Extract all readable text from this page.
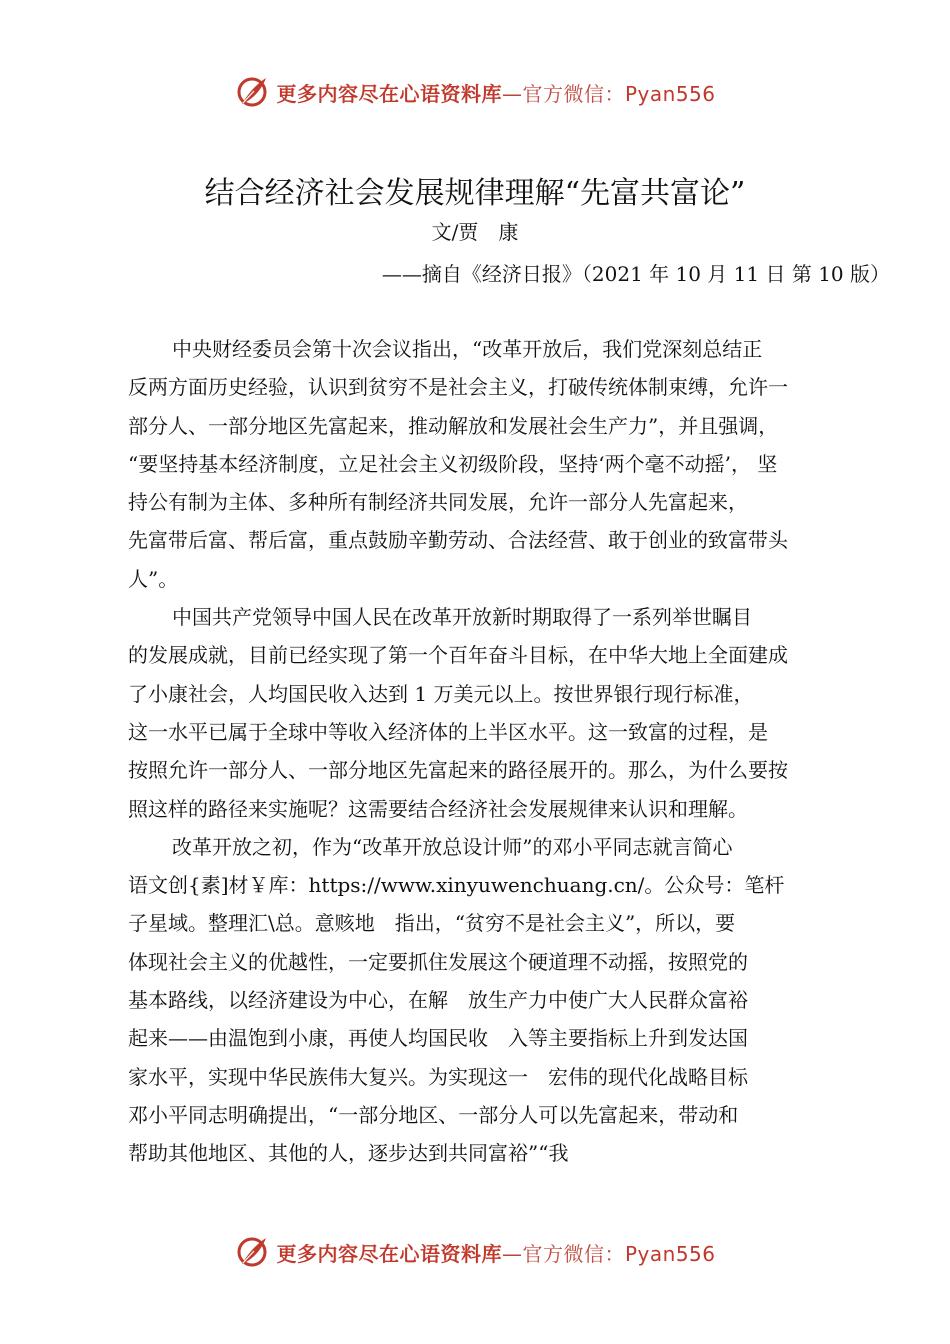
更多内容尽在心语资料库—官方微信：Pyan556
结合经济社会发展规律理解“先富共富论”
文/贾　康
——摘自《经济日报》（2021 年 10 月 11 日 第 10 版）
中央财经委员会第十次会议指出，“改革开放后，我们党深刻总结正
反两方面历史经验，认识到贫穷不是社会主义，打破传统体制束缚，允许一
部分人、一部分地区先富起来，推动解放和发展社会生产力”，并且强调，
“要坚持基本经济制度，立足社会主义初级阶段，坚持‘两个毫不动摇’， 坚
持公有制为主体、多种所有制经济共同发展，允许一部分人先富起来，
先富带后富、帮后富，重点鼓励辛勤劳动、合法经营、敢于创业的致富带头
人”。
中国共产党领导中国人民在改革开放新时期取得了一系列举世瞩目
的发展成就，目前已经实现了第一个百年奋斗目标，在中华大地上全面建成
了小康社会，人均国民收入达到 1 万美元以上。按世界银行现行标准，
这一水平已属于全球中等收入经济体的上半区水平。这一致富的过程，是
按照允许一部分人、一部分地区先富起来的路径展开的。那么，为什么要按
照这样的路径来实施呢？这需要结合经济社会发展规律来认识和理解。
改革开放之初，作为“改革开放总设计师”的邓小平同志就言简心
语文创{素]材￥库：https://www.xinyuwenchuang.cn/。公众号：笔杆
子星域。整理汇\总。意赅地　指出，“贫穷不是社会主义”，所以，要
体现社会主义的优越性，一定要抓住发展这个硬道理不动摇，按照党的
基本路线，以经济建设为中心，在解　放生产力中使广大人民群众富裕
起来——由温饱到小康，再使人均国民收　入等主要指标上升到发达国
家水平，实现中华民族伟大复兴。为实现这一　宏伟的现代化战略目标
邓小平同志明确提出，“一部分地区、一部分人可以先富起来，带动和
帮助其他地区、其他的人，逐步达到共同富裕”“我
更多内容尽在心语资料库—官方微信：Pyan556
